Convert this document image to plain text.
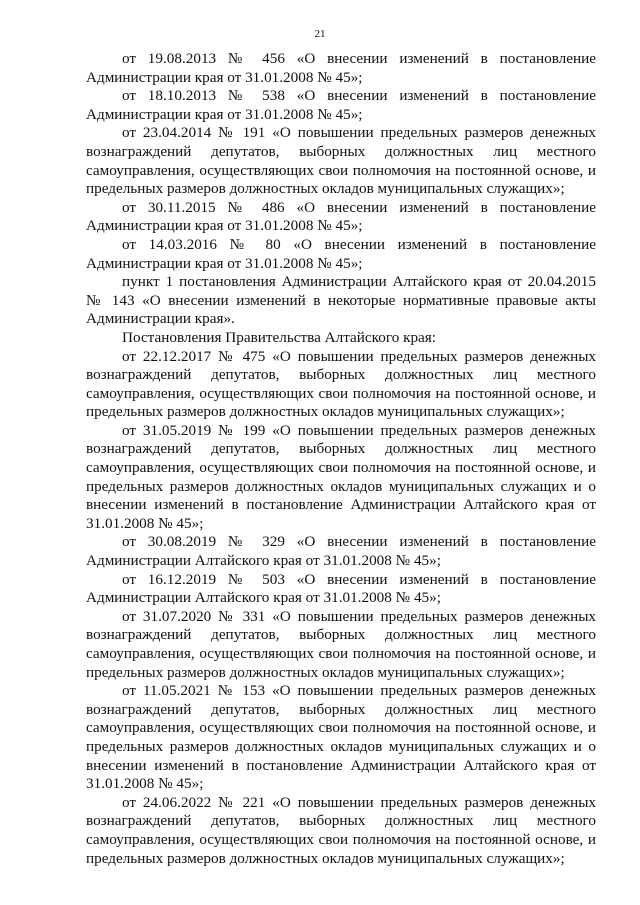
21

от 19.08.2013 № 456 «О внесении изменений в постановление Администрации края от 31.01.2008 № 45»;

от 18.10.2013 № 538 «О внесении изменений в постановление Администрации края от 31.01.2008 № 45»;

от 23.04.2014 № 191 «О повышении предельных размеров денежных вознаграждений депутатов, выборных должностных лиц местного самоуправления, осуществляющих свои полномочия на постоянной основе, и предельных размеров должностных окладов муниципальных служащих»;

от 30.11.2015 № 486 «О внесении изменений в постановление Администрации края от 31.01.2008 № 45»;

от 14.03.2016 № 80 «О внесении изменений в постановление Администрации края от 31.01.2008 № 45»;

пункт 1 постановления Администрации Алтайского края от 20.04.2015 № 143 «О внесении изменений в некоторые нормативные правовые акты Администрации края».

Постановления Правительства Алтайского края:

от 22.12.2017 № 475 «О повышении предельных размеров денежных вознаграждений депутатов, выборных должностных лиц местного самоуправления, осуществляющих свои полномочия на постоянной основе, и предельных размеров должностных окладов муниципальных служащих»;

от 31.05.2019 № 199 «О повышении предельных размеров денежных вознаграждений депутатов, выборных должностных лиц местного самоуправления, осуществляющих свои полномочия на постоянной основе, и предельных размеров должностных окладов муниципальных служащих и о внесении изменений в постановление Администрации Алтайского края от 31.01.2008 № 45»;

от 30.08.2019 № 329 «О внесении изменений в постановление Администрации Алтайского края от 31.01.2008 № 45»;

от 16.12.2019 № 503 «О внесении изменений в постановление Администрации Алтайского края от 31.01.2008 № 45»;

от 31.07.2020 № 331 «О повышении предельных размеров денежных вознаграждений депутатов, выборных должностных лиц местного самоуправления, осуществляющих свои полномочия на постоянной основе, и предельных размеров должностных окладов муниципальных служащих»;

от 11.05.2021 № 153 «О повышении предельных размеров денежных вознаграждений депутатов, выборных должностных лиц местного самоуправления, осуществляющих свои полномочия на постоянной основе, и предельных размеров должностных окладов муниципальных служащих и о внесении изменений в постановление Администрации Алтайского края от 31.01.2008 № 45»;

от 24.06.2022 № 221 «О повышении предельных размеров денежных вознаграждений депутатов, выборных должностных лиц местного самоуправления, осуществляющих свои полномочия на постоянной основе, и предельных размеров должностных окладов муниципальных служащих»;
